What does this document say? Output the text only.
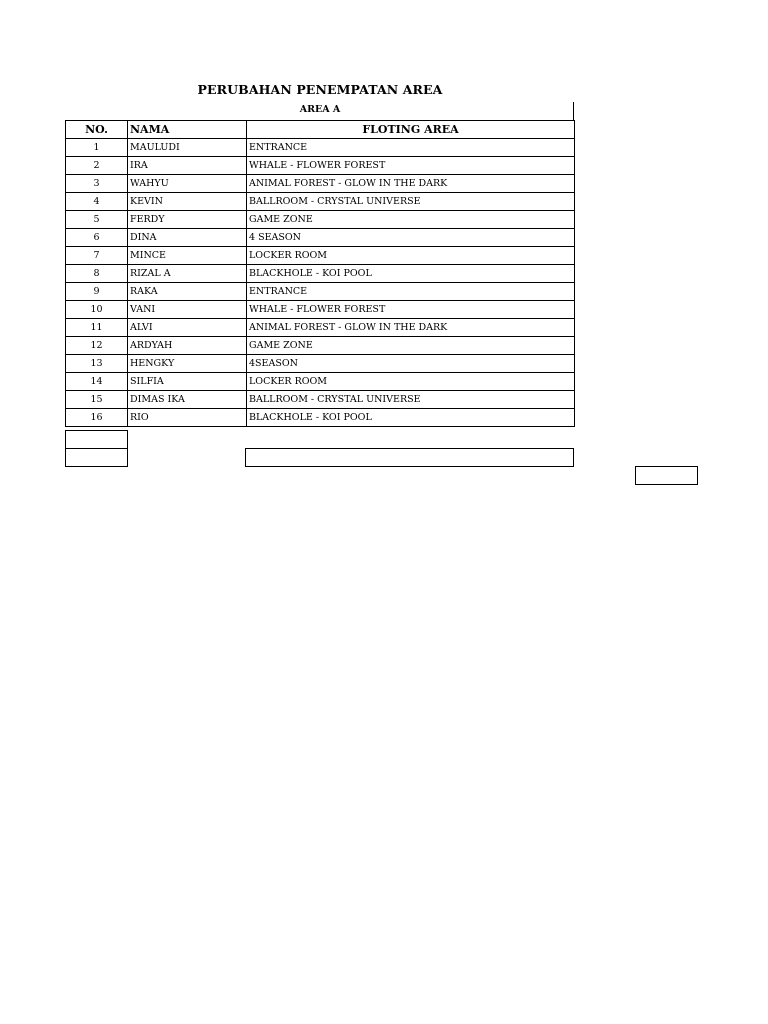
PERUBAHAN PENEMPATAN AREA
AREA A
NO.	NAMA	FLOTING AREA
1	MAULUDI	ENTRANCE
2	IRA	WHALE - FLOWER FOREST
3	WAHYU	ANIMAL FOREST - GLOW IN THE DARK
4	KEVIN	BALLROOM - CRYSTAL UNIVERSE
5	FERDY	GAME ZONE
6	DINA	4 SEASON
7	MINCE	LOCKER ROOM
8	RIZAL A	BLACKHOLE - KOI POOL
9	RAKA	ENTRANCE
10	VANI	WHALE - FLOWER FOREST
11	ALVI	ANIMAL FOREST - GLOW IN THE DARK
12	ARDYAH	GAME ZONE
13	HENGKY	4SEASON
14	SILFIA	LOCKER ROOM
15	DIMAS IKA	BALLROOM - CRYSTAL UNIVERSE
16	RIO	BLACKHOLE - KOI POOL
